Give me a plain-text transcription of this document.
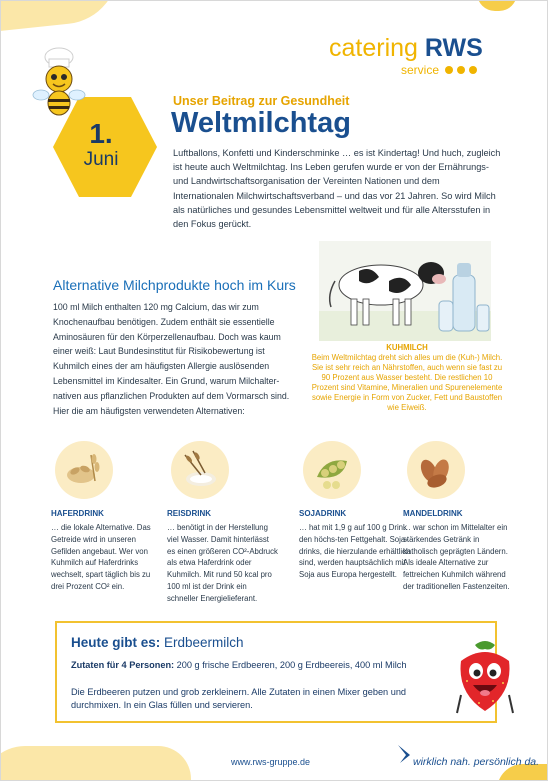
catering RWS
service
1.
Juni
Unser Beitrag zur Gesundheit
Weltmilchtag
Luftballons, Konfetti und Kinderschminke … es ist Kindertag! Und huch, zugleich ist heute auch Weltmilchtag. Ins Leben gerufen wurde er von der Ernährungs- und Landwirtschaftsorganisation der Vereinten Nationen und dem Internationalen Milchwirtschaftsverband – und das vor 21 Jahren. So wird Milch als natürliches und gesundes Lebensmittel weltweit und für alle Altersstufen in den Fokus gerückt.
Alternative Milchprodukte hoch im Kurs
100 ml Milch enthalten 120 mg Calcium, das wir zum Knochenaufbau benötigen. Zudem enthält sie essentielle Aminosäuren für den Körperzellenaufbau. Doch was kaum einer weiß: Laut Bundesinstitut für Risikobewertung ist Kuhmilch eines der am häufigsten Allergie auslösenden Lebensmittel im Kindesalter. Ein Grund, warum Milchalter-nativen aus pflanzlichen Produkten auf dem Vormarsch sind. Hier die am häufigsten verwendeten Alternativen:
KUHMILCH
Beim Weltmilchtag dreht sich alles um die (Kuh-) Milch. Sie ist sehr reich an Nährstoffen, auch wenn sie fast zu 90 Prozent aus Wasser besteht. Die restlichen 10 Prozent sind Vitamine, Mineralien und Spurenelemente sowie Energie in Form von Zucker, Fett und Baustoffen wie Eiweiß.
HAFERDRINK
… die lokale Alternative. Das Getreide wird in unseren Gefilden angebaut. Wer von Kuhmilch auf Haferdrinks wechselt, spart täglich bis zu drei Prozent CO² ein.
REISDRINK
… benötigt in der Herstellung viel Wasser. Damit hinterlässt es einen größeren CO²-Abdruck als etwa Haferdrink oder Kuhmilch. Mit rund 50 kcal pro 100 ml ist der Drink ein schneller Energielieferant.
SOJADRINK
… hat mit 1,9 g auf 100 g Drink den höchs-ten Fettgehalt. Soja-drinks, die hierzulande erhältlich sind, werden hauptsächlich mit Soja aus Europa hergestellt.
MANDELDRINK
… war schon im Mittelalter ein stärkendes Getränk in katholisch geprägten Ländern. Als ideale Alternative zur fettreichen Kuhmilch während der traditionellen Fastenzeiten.
Heute gibt es: Erdbeermilch
Zutaten für 4 Personen: 200 g frische Erdbeeren, 200 g Erdbeereis, 400 ml Milch
Die Erdbeeren putzen und grob zerkleinern. Alle Zutaten in einen Mixer geben und durchmixen. In ein Glas füllen und servieren.
www.rws-gruppe.de	wirklich nah. persönlich da.
